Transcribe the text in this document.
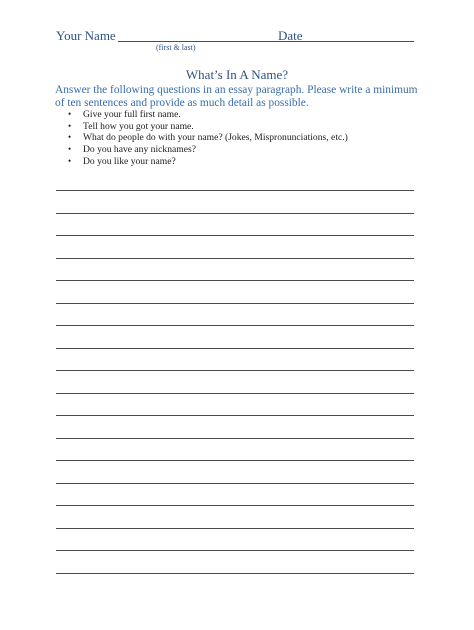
Your Name
(first & last)
Date
What’s In A Name?
Answer the following questions in an essay paragraph. Please write a minimum of ten sentences and provide as much detail as possible.
• Give your full first name.
• Tell how you got your name.
• What do people do with your name? (Jokes, Mispronunciations, etc.)
• Do you have any nicknames?
• Do you like your name?
